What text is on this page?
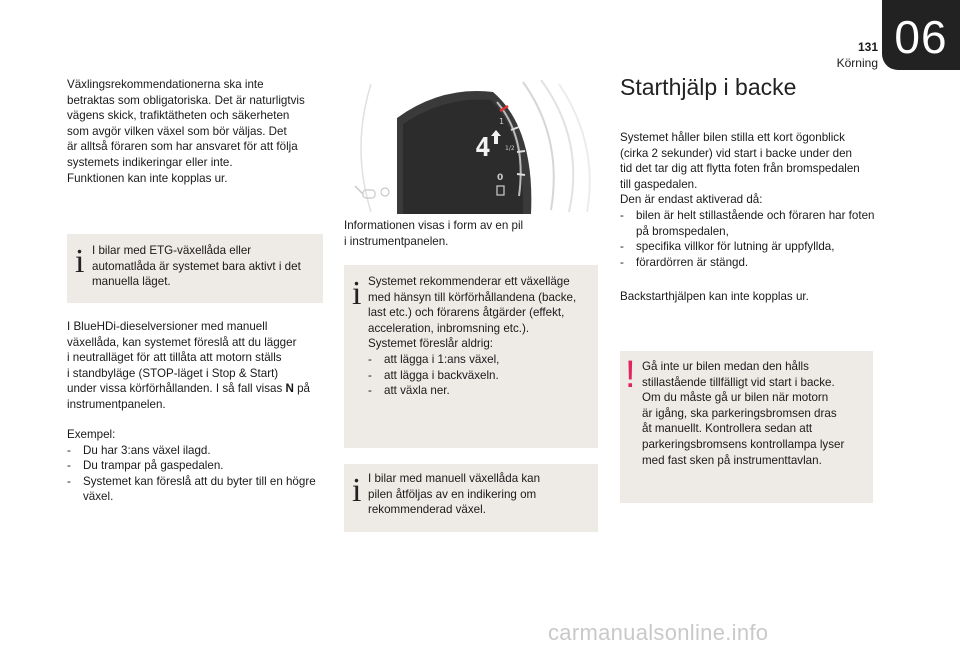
131
Körning 06

Växlingsrekommendationerna ska inte

betraktas som obligatoriska. Det är naturligtvis

vägens skick, trafiktätheten och säkerheten

som avgör vilken växel som bör väljas. Det

är alltså föraren som har ansvaret för att följa

systemets indikeringar eller inte.

Funktionen kan inte kopplas ur.

i I bilar med ETG-växellåda eller

automatlåda är systemet bara aktivt i det

manuella läget.

I BlueHDi-dieselversioner med manuell

växellåda, kan systemet föreslå att du lägger

i neutralläget för att tillåta att motorn ställs

i standbyläge (STOP-läget i Stop & Start)

under vissa körförhållanden. I så fall visas N på

instrumentpanelen.

Exempel:

- Du har 3:ans växel ilagd.
- Du trampar på gaspedalen.
- Systemet kan föreslå att du byter till en högre växel.
4
1
1/2
0

Informationen visas i form av en pil

i instrumentpanelen.

i Systemet rekommenderar ett växelläge

med hänsyn till körförhållandena (backe,

last etc.) och förarens åtgärder (effekt,

acceleration, inbromsning etc.).

Systemet föreslår aldrig:

- att lägga i 1:ans växel,
- att lägga i backväxeln.
- att växla ner.
i I bilar med manuell växellåda kan

pilen åtföljas av en indikering om

rekommenderad växel.

Starthjälp i backe

Systemet håller bilen stilla ett kort ögonblick

(cirka 2 sekunder) vid start i backe under den

tid det tar dig att flytta foten från bromspedalen

till gaspedalen.

Den är endast aktiverad då:

- bilen är helt stillastående och föraren har foten på bromspedalen,
- specifika villkor för lutning är uppfyllda,
- förardörren är stängd.

Backstarthjälpen kan inte kopplas ur.

! Gå inte ur bilen medan den hålls

stillastående tillfälligt vid start i backe.

Om du måste gå ur bilen när motorn

är igång, ska parkeringsbromsen dras

åt manuellt. Kontrollera sedan att

parkeringsbromsens kontrollampa lyser

med fast sken på instrumenttavlan.

carmanualsonline.info
